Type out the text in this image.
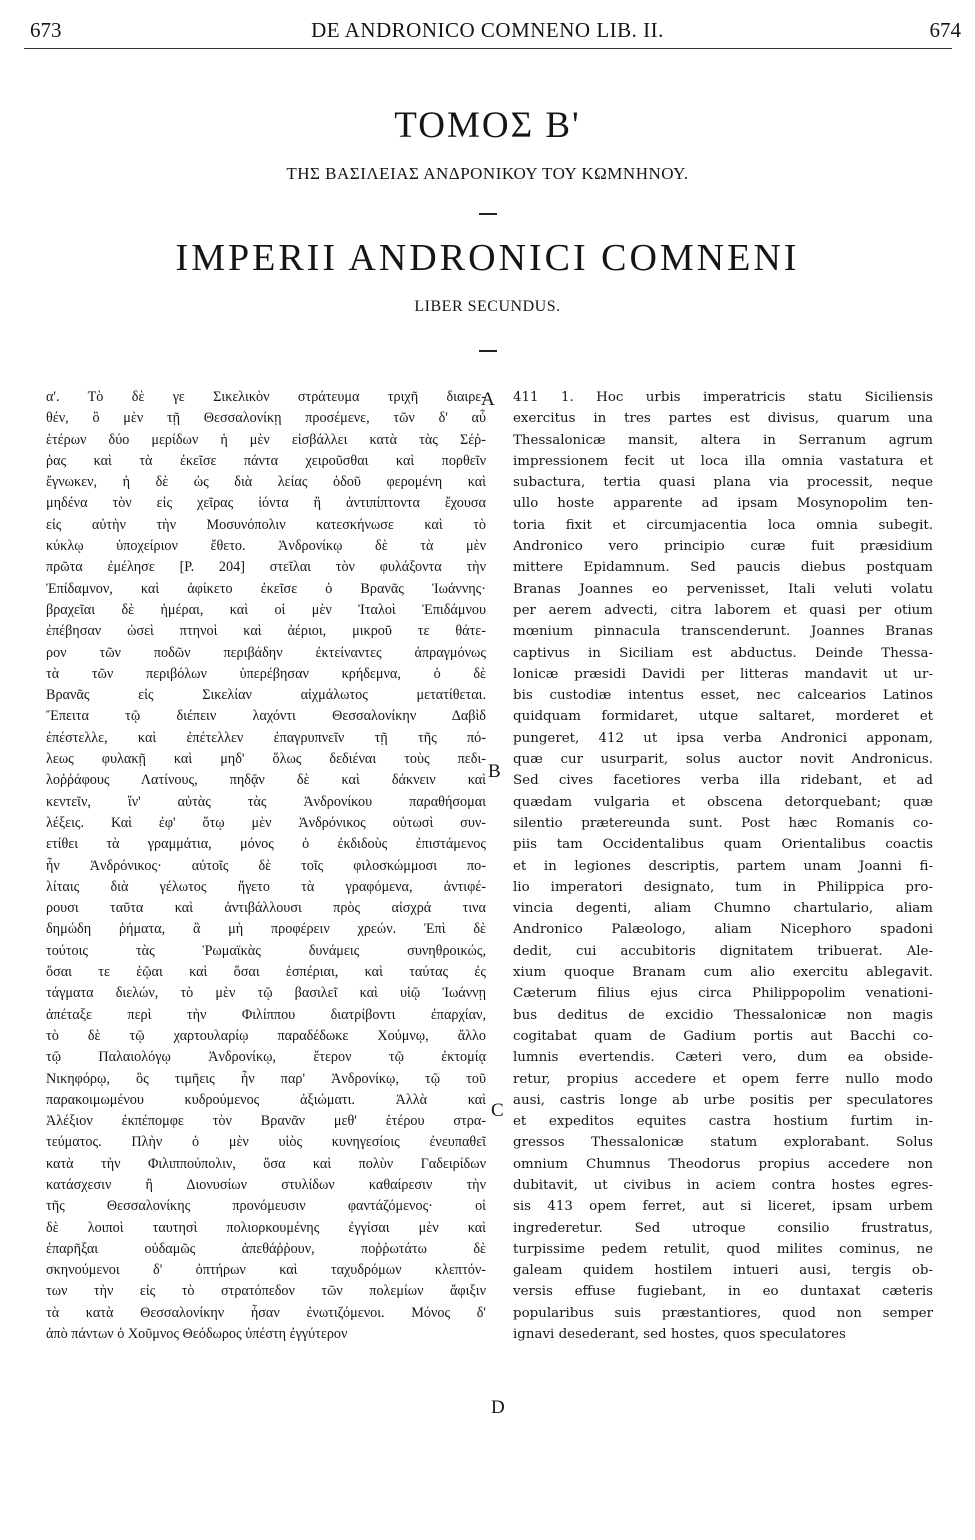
673	DE ANDRONICO COMNENO LIB. II.	674
ΤΟΜΟΣ Β'
ΤΗΣ ΒΑΣΙΛΕΙΑΣ ΑΝΔΡΟΝΙΚΟΥ ΤΟΥ ΚΩΜΝΗΝΟΥ.
IMPERII ANDRONICI COMNENI
LIBER SECUNDUS.
α'. Τὸ δὲ γε Σικελικὸν στράτευμα τριχῆ διαιρε-
θέν, ὃ μὲν τῇ Θεσσαλονίκῃ προσέμενε, τῶν δ' αὖ
ἑτέρων δύο μερίδων ἡ μὲν εἰσβάλλει κατὰ τὰς Σέῤ-
ῥας καὶ τὰ ἐκεῖσε πάντα χειροῦσθαι καὶ πορθεῖν
ἔγνωκεν, ἡ δὲ ὡς διὰ λείας ὁδοῦ φερομένη καὶ
μηδένα τὸν εἰς χεῖρας ἰόντα ἢ ἀντιπίπτοντα ἔχουσα
εἰς αὐτὴν τὴν Μοσυνόπολιν κατεσκήνωσε καὶ τὸ
κύκλῳ ὑποχείριον ἔθετο. Ἀνδρονίκῳ δὲ τὰ μὲν
πρῶτα ἐμέλησε [P. 204] στεῖλαι τὸν φυλάξοντα τὴν
Ἐπίδαμνον, καὶ ἀφίκετο ἐκεῖσε ὁ Βρανᾶς Ἰωάννης·
βραχεῖαι δὲ ἡμέραι, καὶ οἱ μὲν Ἰταλοὶ Ἐπιδάμνου
ἐπέβησαν ὡσεὶ πτηνοὶ καὶ ἀέριοι, μικροῦ τε θάτε-
ρον τῶν ποδῶν περιβάδην ἐκτείναντες ἀπραγμόνως
τὰ τῶν περιβόλων ὑπερέβησαν κρήδεμνα, ὁ δὲ
Βρανᾶς εἰς Σικελίαν αἰχμάλωτος μετατίθεται.
Ἔπειτα τῷ διέπειν λαχόντι Θεσσαλονίκην Δαβὶδ
ἐπέστελλε, καὶ ἐπέτελλεν ἐπαγρυπνεῖν τῇ τῆς πό-
λεως φυλακῇ καὶ μηδ' ὅλως δεδιέναι τοὺς πεδι-
λοῤῥάφους Λατίνους, πηδᾷν δὲ καὶ δάκνειν καὶ
κεντεῖν, ἵν' αὐτὰς τὰς Ἀνδρονίκου παραθήσομαι
λέξεις. Καὶ ἐφ' ὅτῳ μὲν Ἀνδρόνικος οὑτωσὶ συν-
ετίθει τὰ γραμμάτια, μόνος ὁ ἐκδιδοὺς ἐπιστάμενος
ἦν Ἀνδρόνικος· αὐτοῖς δὲ τοῖς φιλοσκώμμοσι πο-
λίταις διὰ γέλωτος ἤγετο τὰ γραφόμενα, ἀντιφέ-
ρουσι ταῦτα καὶ ἀντιβάλλουσι πρὸς αἰσχρά τινα
δημώδη ῥήματα, ἃ μὴ προφέρειν χρεών. Ἐπὶ δὲ
τούτοις τὰς Ῥωμαϊκὰς δυνάμεις συνηθροικώς,
ὅσαι τε ἑῷαι καὶ ὅσαι ἑσπέριαι, καὶ ταύτας ἐς
τάγματα διελών, τὸ μὲν τῷ βασιλεῖ καὶ υἱῷ Ἰωάννῃ
ἀπέταξε περὶ τὴν Φιλίππου διατρίβοντι ἐπαρχίαν,
τὸ δὲ τῷ χαρτουλαρίῳ παραδέδωκε Χούμνῳ, ἄλλο
τῷ Παλαιολόγῳ Ἀνδρονίκῳ, ἕτερον τῷ ἐκτομίᾳ
Νικηφόρῳ, ὃς τιμῆεις ἦν παρ' Ἀνδρονίκῳ, τῷ τοῦ
παρακοιμωμένου κυδρούμενος ἀξιώματι. Ἀλλὰ καὶ
Ἀλέξιον ἐκπέπομφε τὸν Βρανᾶν μεθ' ἑτέρου στρα-
τεύματος. Πλὴν ὁ μὲν υἱὸς κυνηγεσίοις ἐνευπαθεῖ
κατὰ τὴν Φιλιππούπολιν, ὅσα καὶ πολὺν Γαδειρίδων
κατάσχεσιν ἢ Διονυσίων στυλίδων καθαίρεσιν τὴν
τῆς Θεσσαλονίκης προνόμευσιν φαντάζόμενος· οἱ
δὲ λοιποὶ ταυτησὶ πολιορκουμένης ἐγγίσαι μὲν καὶ
ἐπαρῆξαι οὐδαμῶς ἀπεθάῤῥουν, ποῤῥωτάτω δὲ
σκηνούμενοι δ' ὀπτήρων καὶ ταχυδρόμων κλεπτόν-
των τὴν εἰς τὸ στρατόπεδον τῶν πολεμίων ἄφιξιν
τὰ κατὰ Θεσσαλονίκην ἦσαν ἐνωτιζόμενοι. Μόνος δ'
ἀπὸ πάντων ὁ Χοῦμνος Θεόδωρος ὑπέστη ἐγγύτερον
411 1. Hoc urbis imperatricis statu Siciliensis
exercitus in tres partes est divisus, quarum una
Thessalonicæ mansit, altera in Serranum agrum
impressionem fecit ut loca illa omnia vastatura et
subactura, tertia quasi plana via processit, neque
ullo hoste apparente ad ipsam Mosynopolim ten-
toria fixit et circumjacentia loca omnia subegit.
Andronico vero principio curæ fuit præsidium
mittere Epidamnum. Sed paucis diebus postquam
Branas Joannes eo pervenisset, Itali veluti volatu
per aerem advecti, citra laborem et quasi per otium
mœnium pinnacula transcenderunt. Joannes Branas
captivus in Siciliam est abductus. Deinde Thessa-
lonicæ præsidi Davidi per litteras mandavit ut ur-
bis custodiæ intentus esset, nec calcearios Latinos
quidquam formidaret, utque saltaret, morderet et
pungeret, 412 ut ipsa verba Andronici apponam,
quæ cur usurparit, solus auctor novit Andronicus.
Sed cives facetiores verba illa ridebant, et ad
quædam vulgaria et obscena detorquebant; quæ
silentio prætereunda sunt. Post hæc Romanis co-
piis tam Occidentalibus quam Orientalibus coactis
et in legiones descriptis, partem unam Joanni fi-
lio imperatori designato, tum in Philippica pro-
vincia degenti, aliam Chumno chartulario, aliam
Andronico Palæologo, aliam Nicephoro spadoni
dedit, cui accubitoris dignitatem tribuerat. Ale-
xium quoque Branam cum alio exercitu ablegavit.
Cæterum filius ejus circa Philippopolim venationi-
bus deditus de excidio Thessalonicæ non magis
cogitabat quam de Gadium portis aut Bacchi co-
lumnis evertendis. Cæteri vero, dum ea obside-
retur, propius accedere et opem ferre nullo modo
ausi, castris longe ab urbe positis per speculatores
et expeditos equites castra hostium furtim in-
gressos Thessalonicæ statum explorabant. Solus
omnium Chumnus Theodorus propius accedere non
dubitavit, ut civibus in aciem contra hostes egres-
sis 413 opem ferret, aut si liceret, ipsam urbem
ingrederetur. Sed utroque consilio frustratus,
turpissime pedem retulit, quod milites cominus, ne
galeam quidem hostilem intueri ausi, tergis ob-
versis effuse fugiebant, in eo duntaxat cæteris
popularibus suis præstantiores, quod non semper
ignavi desederant, sed hostes, quos speculatores
A
B
C
D
